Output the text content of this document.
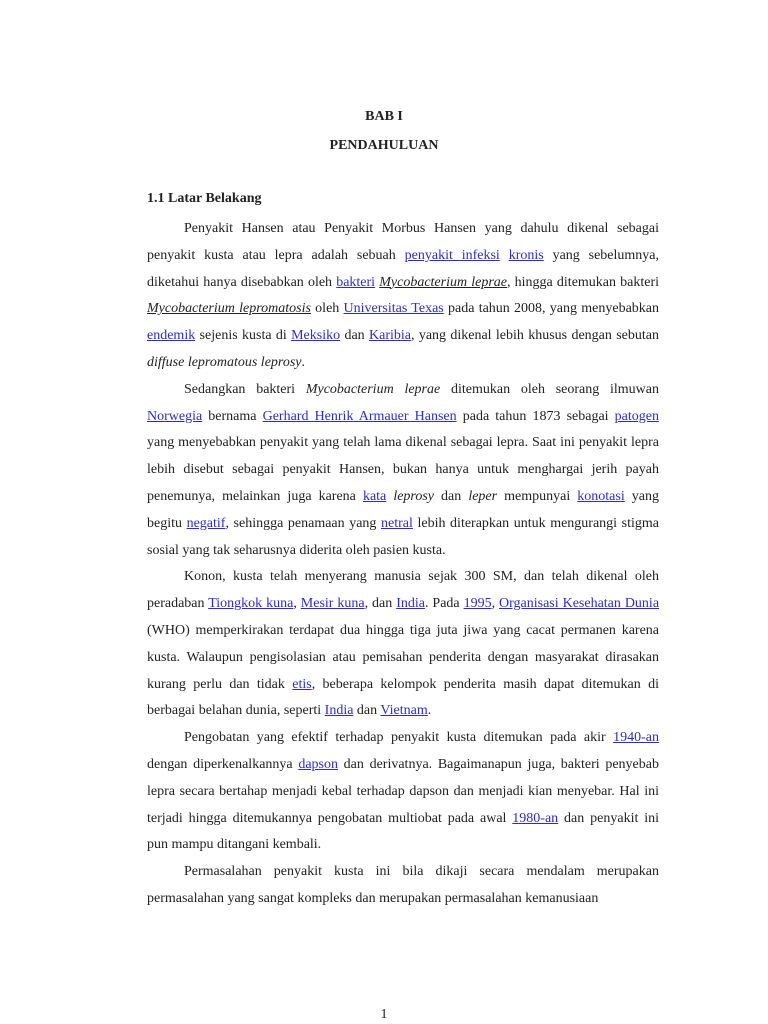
BAB I
PENDAHULUAN
1.1 Latar Belakang

Penyakit Hansen atau Penyakit Morbus Hansen yang dahulu dikenal sebagai penyakit kusta atau lepra adalah sebuah penyakit infeksi kronis yang sebelumnya, diketahui hanya disebabkan oleh bakteri Mycobacterium leprae, hingga ditemukan bakteri Mycobacterium lepromatosis oleh Universitas Texas pada tahun 2008, yang menyebabkan endemik sejenis kusta di Meksiko dan Karibia, yang dikenal lebih khusus dengan sebutan diffuse lepromatous leprosy.

Sedangkan bakteri Mycobacterium leprae ditemukan oleh seorang ilmuwan Norwegia bernama Gerhard Henrik Armauer Hansen pada tahun 1873 sebagai patogen yang menyebabkan penyakit yang telah lama dikenal sebagai lepra. Saat ini penyakit lepra lebih disebut sebagai penyakit Hansen, bukan hanya untuk menghargai jerih payah penemunya, melainkan juga karena kata leprosy dan leper mempunyai konotasi yang begitu negatif, sehingga penamaan yang netral lebih diterapkan untuk mengurangi stigma sosial yang tak seharusnya diderita oleh pasien kusta.

Konon, kusta telah menyerang manusia sejak 300 SM, dan telah dikenal oleh peradaban Tiongkok kuna, Mesir kuna, dan India. Pada 1995, Organisasi Kesehatan Dunia (WHO) memperkirakan terdapat dua hingga tiga juta jiwa yang cacat permanen karena kusta. Walaupun pengisolasian atau pemisahan penderita dengan masyarakat dirasakan kurang perlu dan tidak etis, beberapa kelompok penderita masih dapat ditemukan di berbagai belahan dunia, seperti India dan Vietnam.

Pengobatan yang efektif terhadap penyakit kusta ditemukan pada akir 1940-an dengan diperkenalkannya dapson dan derivatnya. Bagaimanapun juga, bakteri penyebab lepra secara bertahap menjadi kebal terhadap dapson dan menjadi kian menyebar. Hal ini terjadi hingga ditemukannya pengobatan multiobat pada awal 1980-an dan penyakit ini pun mampu ditangani kembali.

Permasalahan penyakit kusta ini bila dikaji secara mendalam merupakan permasalahan yang sangat kompleks dan merupakan permasalahan kemanusiaan

1
